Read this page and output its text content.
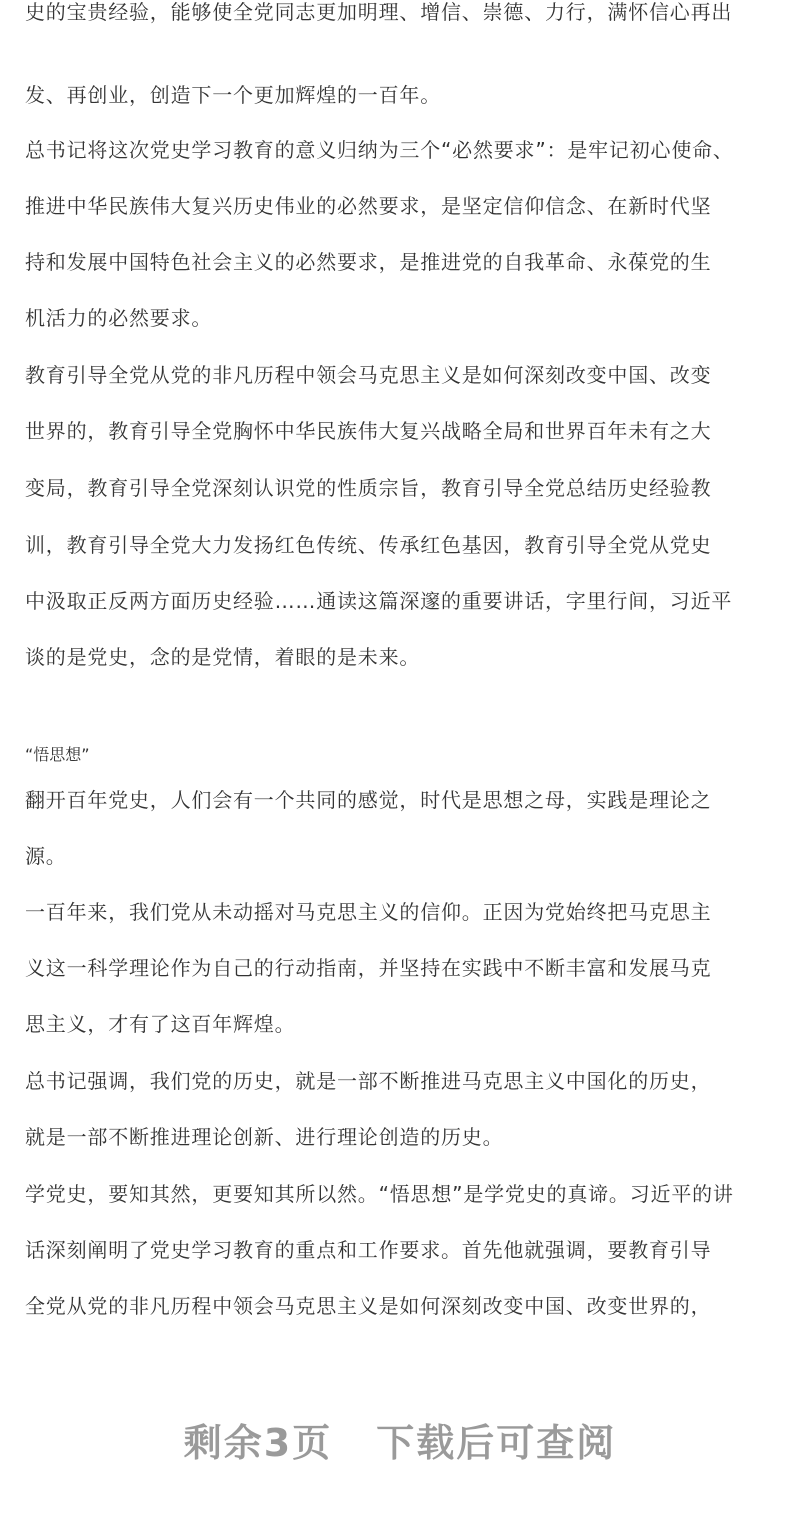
史的宝贵经验，能够使全党同志更加明理、增信、崇德、力行，满怀信心再出
发、再创业，创造下一个更加辉煌的一百年。
总书记将这次党史学习教育的意义归纳为三个“必然要求”：是牢记初心使命、
推进中华民族伟大复兴历史伟业的必然要求，是坚定信仰信念、在新时代坚
持和发展中国特色社会主义的必然要求，是推进党的自我革命、永葆党的生
机活力的必然要求。
教育引导全党从党的非凡历程中领会马克思主义是如何深刻改变中国、改变
世界的，教育引导全党胸怀中华民族伟大复兴战略全局和世界百年未有之大
变局，教育引导全党深刻认识党的性质宗旨，教育引导全党总结历史经验教
训，教育引导全党大力发扬红色传统、传承红色基因，教育引导全党从党史
中汲取正反两方面历史经验……通读这篇深邃的重要讲话，字里行间，习近平
谈的是党史，念的是党情，着眼的是未来。
翻开百年党史，人们会有一个共同的感觉，时代是思想之母，实践是理论之
源。
一百年来，我们党从未动摇对马克思主义的信仰。正因为党始终把马克思主
义这一科学理论作为自己的行动指南，并坚持在实践中不断丰富和发展马克
思主义，才有了这百年辉煌。
总书记强调，我们党的历史，就是一部不断推进马克思主义中国化的历史，
就是一部不断推进理论创新、进行理论创造的历史。
学党史，要知其然，更要知其所以然。“悟思想”是学党史的真谛。习近平的讲
话深刻阐明了党史学习教育的重点和工作要求。首先他就强调，要教育引导
全党从党的非凡历程中领会马克思主义是如何深刻改变中国、改变世界的，
“悟思想”
剩余3页 下载后可查阅
